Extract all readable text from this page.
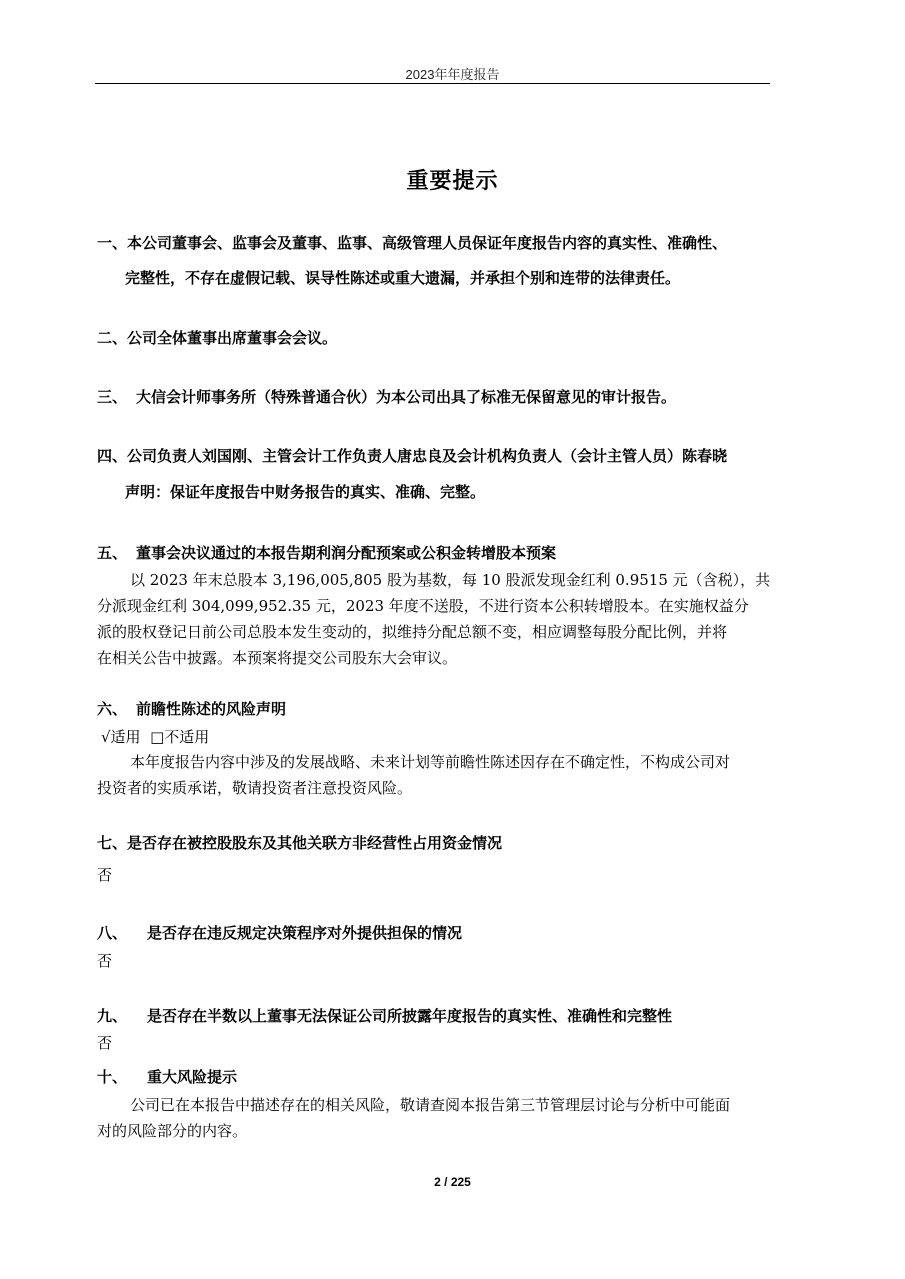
2023年年度报告
重要提示
一、本公司董事会、监事会及董事、监事、高级管理人员保证年度报告内容的真实性、准确性、
完整性，不存在虚假记载、误导性陈述或重大遗漏，并承担个别和连带的法律责任。
二、公司全体董事出席董事会会议。
三、 大信会计师事务所（特殊普通合伙）为本公司出具了标准无保留意见的审计报告。
四、公司负责人刘国刚、主管会计工作负责人唐忠良及会计机构负责人（会计主管人员）陈春晓
声明：保证年度报告中财务报告的真实、准确、完整。
五、 董事会决议通过的本报告期利润分配预案或公积金转增股本预案
以 2023 年末总股本 3,196,005,805 股为基数，每 10 股派发现金红利 0.9515 元（含税），共
分派现金红利 304,099,952.35 元，2023 年度不送股，不进行资本公积转增股本。在实施权益分
派的股权登记日前公司总股本发生变动的，拟维持分配总额不变，相应调整每股分配比例，并将
在相关公告中披露。本预案将提交公司股东大会审议。
六、 前瞻性陈述的风险声明
√适用  □不适用
本年度报告内容中涉及的发展战略、未来计划等前瞻性陈述因存在不确定性，不构成公司对
投资者的实质承诺，敬请投资者注意投资风险。
七、是否存在被控股股东及其他关联方非经营性占用资金情况
否
八、 是否存在违反规定决策程序对外提供担保的情况
否
九、 是否存在半数以上董事无法保证公司所披露年度报告的真实性、准确性和完整性
否
十、 重大风险提示
公司已在本报告中描述存在的相关风险，敬请查阅本报告第三节管理层讨论与分析中可能面
对的风险部分的内容。
2 / 225
